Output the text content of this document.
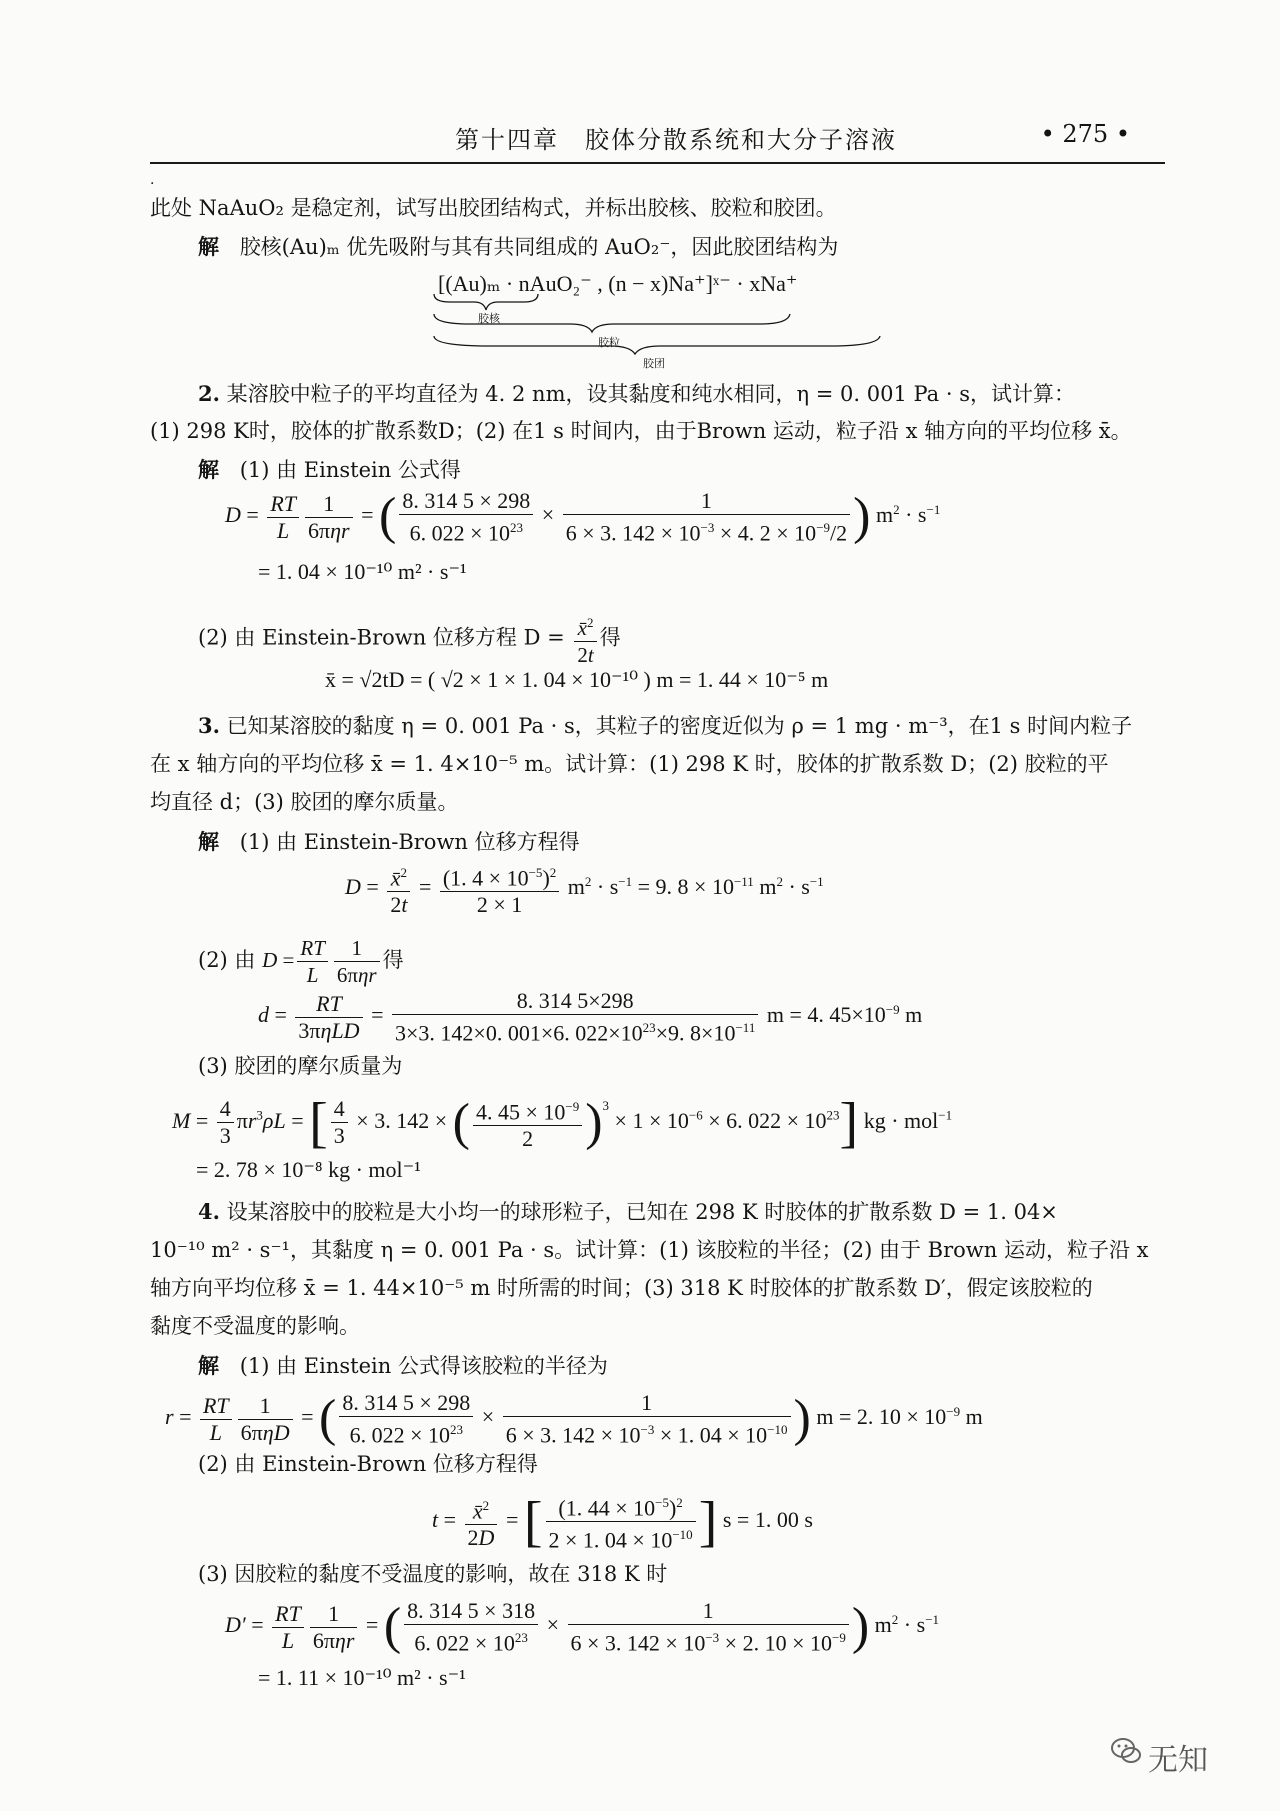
第十四章　胶体分散系统和大分子溶液	• 275 •
·
此处 NaAuO₂ 是稳定剂，试写出胶团结构式，并标出胶核、胶粒和胶团。
解 胶核(Au)ₘ 优先吸附与其有共同组成的 AuO₂⁻，因此胶团结构为
[(Au)ₘ · nAuO₂⁻ , (n − x)Na⁺]ˣ⁻ · xNa⁺
胶核
胶粒
胶团
2. 某溶胶中粒子的平均直径为 4. 2 nm，设其黏度和纯水相同，η = 0. 001 Pa · s，试计算：
(1) 298 K时，胶体的扩散系数D；(2) 在1 s 时间内，由于Brown 运动，粒子沿 x 轴方向的平均位移 x̄。
解 (1) 由 Einstein 公式得
$D = \frac{RT}{L}$	1
6πηr
= ( $\frac{8. 314 5 \times 298}{6. 022 \times 10^{23}} \times \frac{1}{6 \times 3. 142 \times 10^{-3} \times 4. 2 \times 10^{-9}/2}$ ) $m^2 \cdot s^{-1}$
= 1. 04 × 10⁻¹⁰ m² · s⁻¹
(2) 由 Einstein-Brown 位移方程 $D = \frac{x̄^2}{2t}$ 得
x̄ = √2tD = ( √2 × 1 × 1. 04 × 10⁻¹⁰ ) m = 1. 44 × 10⁻⁵ m
3. 已知某溶胶的黏度 η = 0. 001 Pa · s，其粒子的密度近似为 ρ = 1 mg · m⁻³，在1 s 时间内粒子
在 x 轴方向的平均位移 x̄ = 1. 4×10⁻⁵ m。试计算：(1) 298 K 时，胶体的扩散系数 D；(2) 胶粒的平
均直径 d；(3) 胶团的摩尔质量。
解 (1) 由 Einstein-Brown 位移方程得
$D = \frac{x̄^2}{2t} = \frac{(1. 4 \times 10^{-5})^2}{2 \times 1} m^2 \cdot s^{-1} = 9$. $8 \times 10^{-11}$ $m^2 \cdot s^{-1}$
(2) 由 $D = \frac{RT}{L}$	1
6πηr
得
d =	RT
3πηLD
= $\frac{8. 314 5\times 298}{3\times 3. 142\times 0. 001\times 6. 022\times 10^{23}\times 9. 8\times 10^{-11}}$ m = 4. $45\times 10^{-9}$ m
(3) 胶团的摩尔质量为
$M = \frac{4}{3} \pi r^3\rho L$ = [ $\frac{4}{3} \times 3$. 142 × ( $\frac{4. 45 \times 10^{-9}}{2} )^3 \times 1 \times 10^{-6} \times 6$. $022 \times 10^{23}$] kg · mol$^{-1}$
= 2. 78 × 10⁻⁸ kg · mol⁻¹
4. 设某溶胶中的胶粒是大小均一的球形粒子，已知在 298 K 时胶体的扩散系数 D = 1. 04×
10⁻¹⁰ m² · s⁻¹，其黏度 η = 0. 001 Pa · s。试计算：(1) 该胶粒的半径；(2) 由于 Brown 运动，粒子沿 x
轴方向平均位移 x̄ = 1. 44×10⁻⁵ m 时所需的时间；(3) 318 K 时胶体的扩散系数 D′，假定该胶粒的
黏度不受温度的影响。
解 (1) 由 Einstein 公式得该胶粒的半径为
$r = \frac{RT}{L}$	1
6πηD
= ( $\frac{8. 314 5 \times 298}{6. 022 \times 10^{23}} \times \frac{1}{6 \times 3. 142 \times 10^{-3} \times 1. 04 \times 10^{-10}}$ ) m = 2. $10 \times 10^{-9}$ m
(2) 由 Einstein-Brown 位移方程得
$t = \frac{x̄^2}{2D}$ = [ $\frac{(1. 44 \times 10^{-5})^2}{2 \times 1. 04 \times 10^{-10}}$ ] s = 1. 00 s
(3) 因胶粒的黏度不受温度的影响，故在 318 K 时
$D' = \frac{RT}{L}$	1
6πηr
= ( $\frac{8. 314 5 \times 318}{6. 022 \times 10^{23}} \times \frac{1}{6 \times 3. 142 \times 10^{-3} \times 2. 10 \times 10^{-9}}$ ) $m^2 \cdot s^{-1}$
= 1. 11 × 10⁻¹⁰ m² · s⁻¹
无知
